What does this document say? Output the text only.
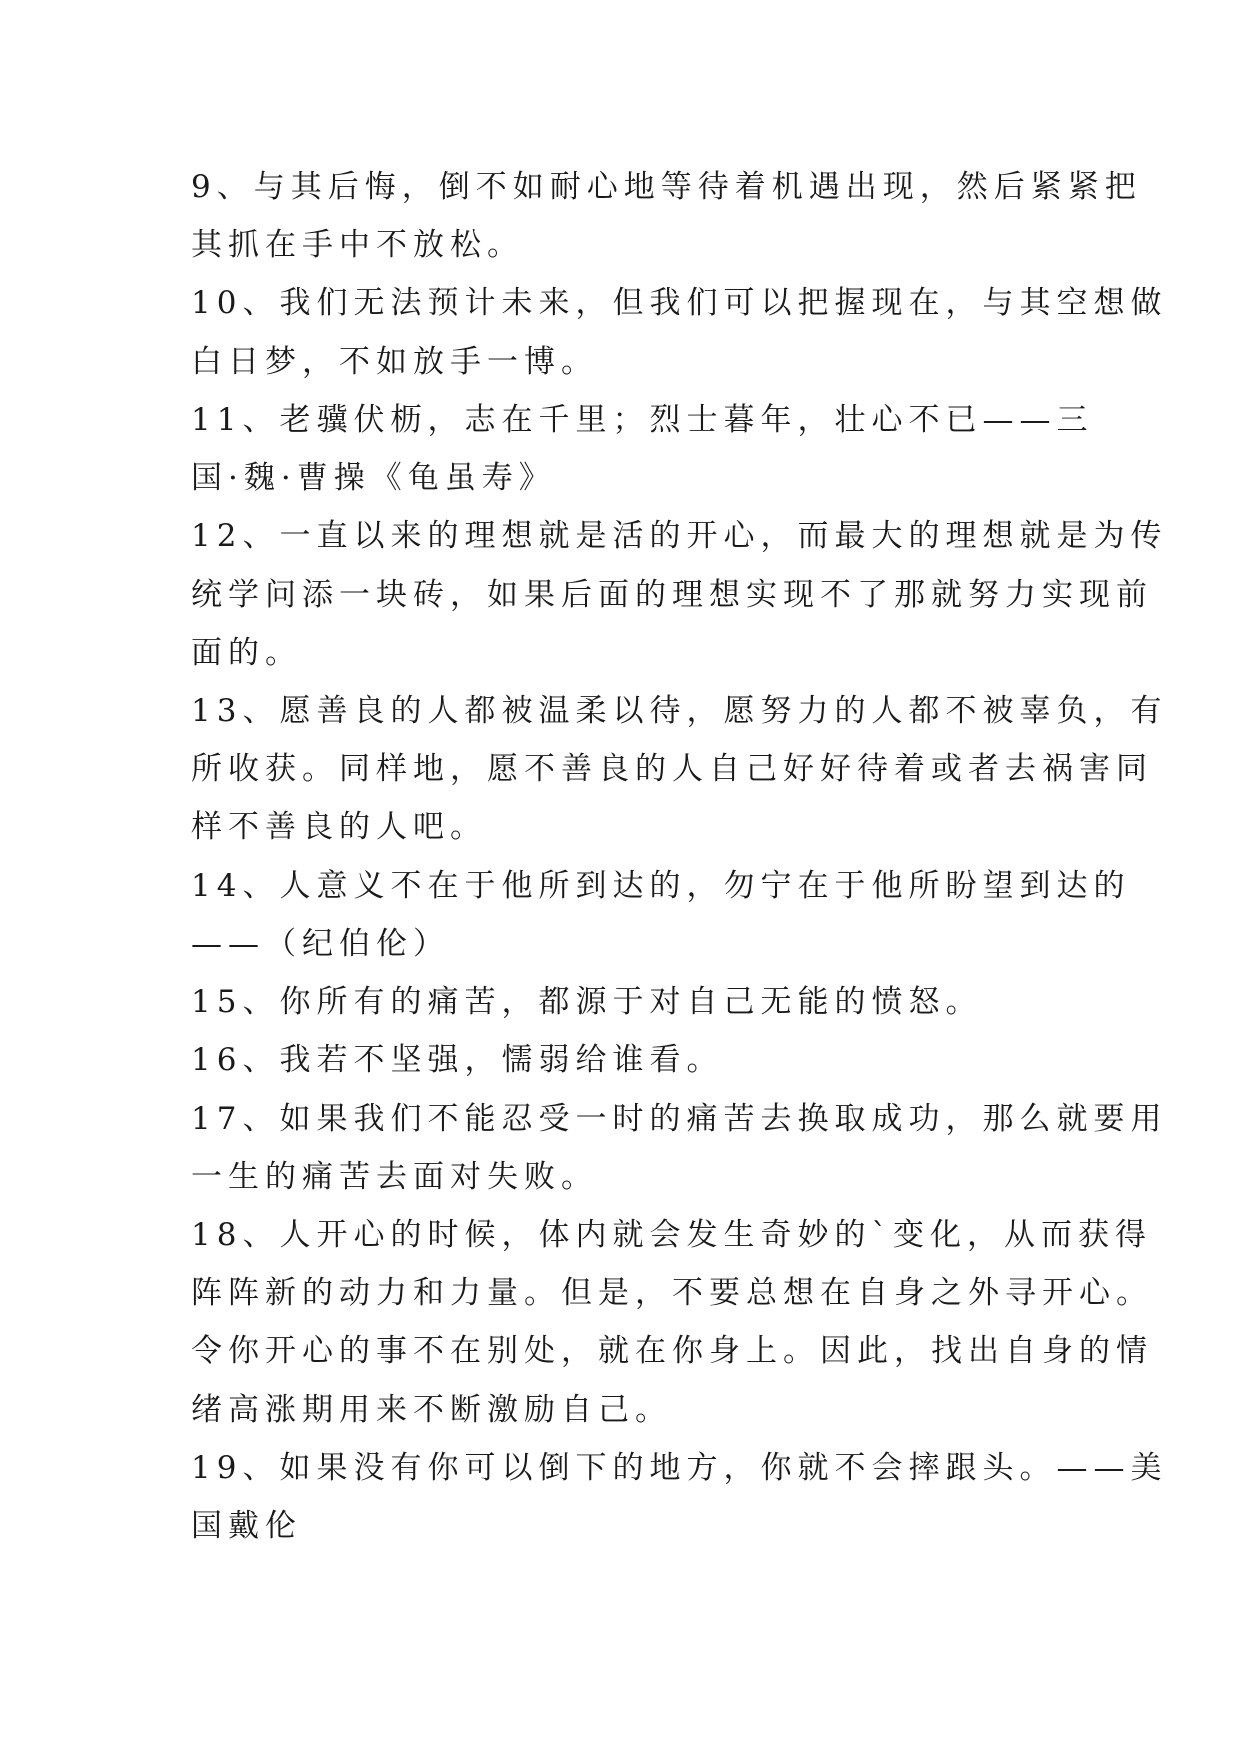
9、与其后悔，倒不如耐心地等待着机遇出现，然后紧紧把
其抓在手中不放松。
10、我们无法预计未来，但我们可以把握现在，与其空想做
白日梦，不如放手一博。
11、老骥伏枥，志在千里；烈士暮年，壮心不已——三
国·魏·曹操《龟虽寿》
12、一直以来的理想就是活的开心，而最大的理想就是为传
统学问添一块砖，如果后面的理想实现不了那就努力实现前
面的。
13、愿善良的人都被温柔以待，愿努力的人都不被辜负，有
所收获。同样地，愿不善良的人自己好好待着或者去祸害同
样不善良的人吧。
14、人意义不在于他所到达的，勿宁在于他所盼望到达的
——（纪伯伦）
15、你所有的痛苦，都源于对自己无能的愤怒。
16、我若不坚强，懦弱给谁看。
17、如果我们不能忍受一时的痛苦去换取成功，那么就要用
一生的痛苦去面对失败。
18、人开心的时候，体内就会发生奇妙的`变化，从而获得
阵阵新的动力和力量。但是，不要总想在自身之外寻开心。
令你开心的事不在别处，就在你身上。因此，找出自身的情
绪高涨期用来不断激励自己。
19、如果没有你可以倒下的地方，你就不会摔跟头。——美
国戴伦
